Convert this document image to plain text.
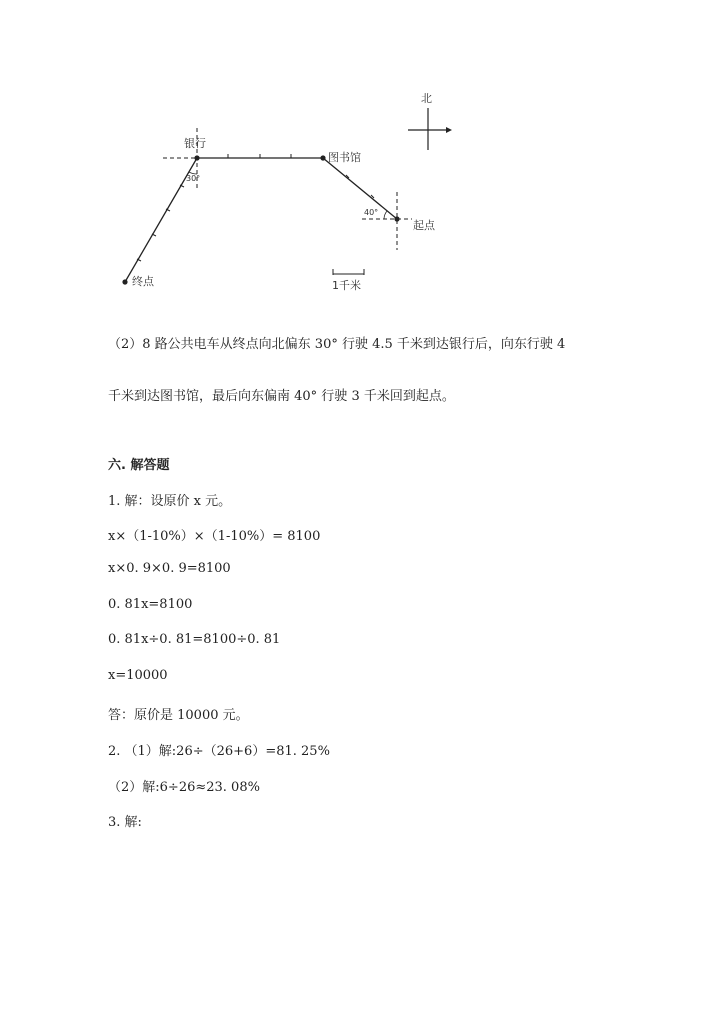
北
银行
图书馆
起点
终点
30°
40°
1千米
（2）8 路公共电车从终点向北偏东 30° 行驶 4.5 千米到达银行后，向东行驶 4
千米到达图书馆，最后向东偏南 40° 行驶 3 千米回到起点。
六. 解答题
1. 解：设原价 x 元。
x×（1-10%）×（1-10%）= 8100
x×0. 9×0. 9=8100
0. 81x=8100
0. 81x÷0. 81=8100÷0. 81
x=10000
答：原价是 10000 元。
2. （1）解:26÷（26+6）=81. 25%
（2）解:6÷26≈23. 08%
3. 解:
